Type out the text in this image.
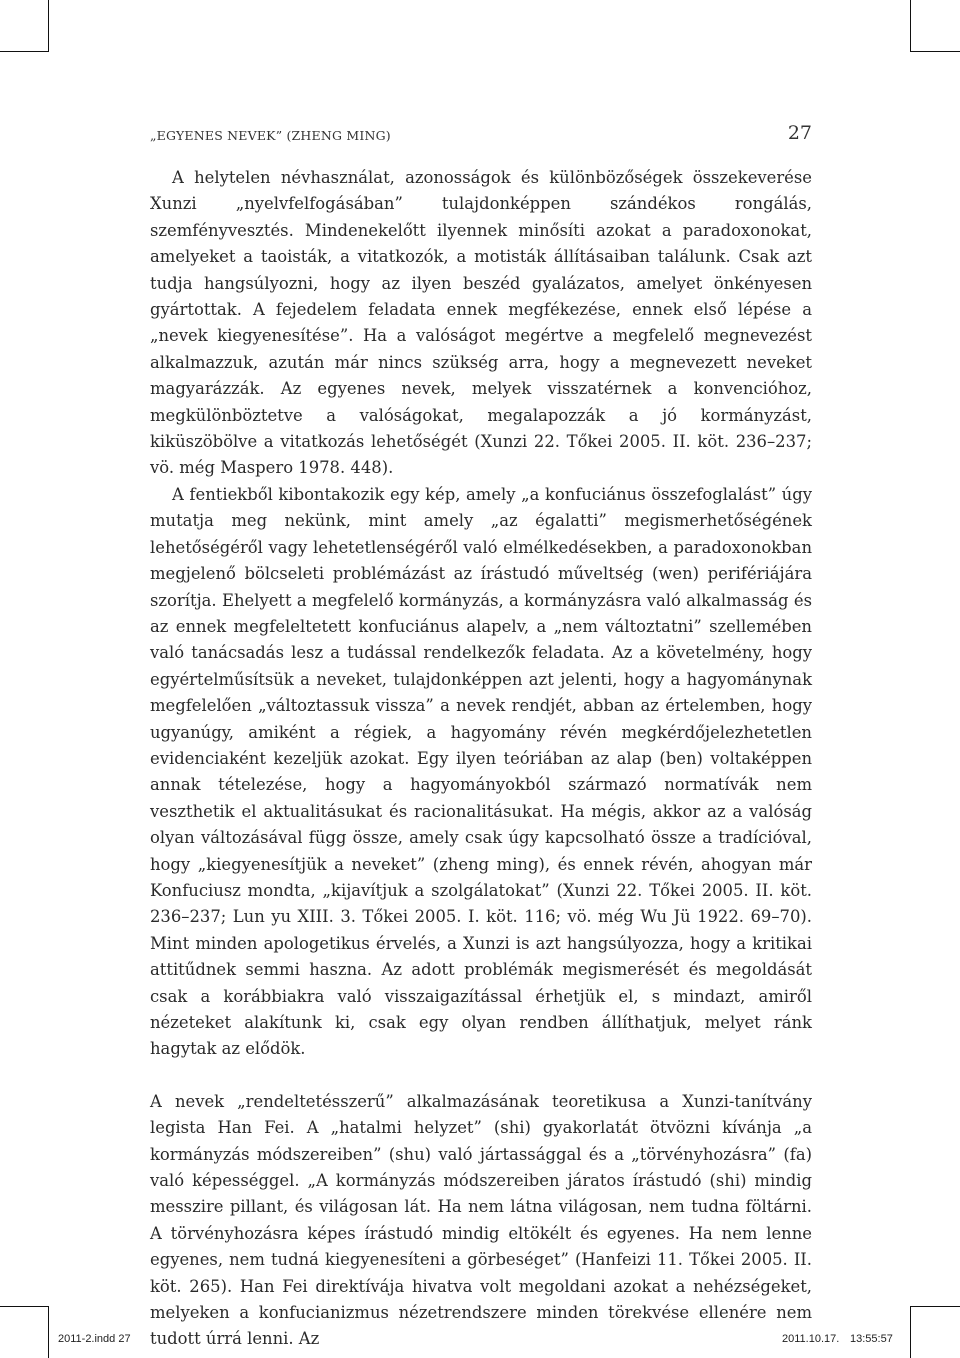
„EGYENES NEVEK” (ZHENG MING)	27

A helytelen névhasználat, azonosságok és különbözőségek összekeverése Xunzi „nyelvfelfogásában” tulajdonképpen szándékos rongálás, szemfényvesztés. Mindenekelőtt ilyennek minősíti azokat a paradoxonokat, amelyeket a taoisták, a vitatkozók, a motisták állításaiban találunk. Csak azt tudja hangsúlyozni, hogy az ilyen beszéd gyalázatos, amelyet önkényesen gyártottak. A fejedelem feladata ennek megfékezése, ennek első lépése a „nevek kiegyenesítése”. Ha a valóságot megértve a megfelelő megnevezést alkalmazzuk, azután már nincs szükség arra, hogy a megnevezett neveket magyarázzák. Az egyenes nevek, melyek visszatérnek a konvencióhoz, megkülönböztetve a valóságokat, megalapozzák a jó kormányzást, kiküszöbölve a vitatkozás lehetőségét (Xunzi 22. Tőkei 2005. II. köt. 236–237; vö. még Maspero 1978. 448).

A fentiekből kibontakozik egy kép, amely „a konfuciánus összefoglalást” úgy mutatja meg nekünk, mint amely „az égalatti” megismerhetőségének lehetőségéről vagy lehetetlenségéről való elmélkedésekben, a paradoxonokban megjelenő bölcseleti problémázást az írástudó műveltség (wen) perifériájára szorítja. Ehelyett a megfelelő kormányzás, a kormányzásra való alkalmasság és az ennek megfeleltetett konfuciánus alapelv, a „nem változtatni” szellemében való tanácsadás lesz a tudással rendelkezők feladata. Az a követelmény, hogy egyértelműsítsük a neveket, tulajdonképpen azt jelenti, hogy a hagyománynak megfelelően „változtassuk vissza” a nevek rendjét, abban az értelemben, hogy ugyanúgy, amiként a régiek, a hagyomány révén megkérdőjelezhetetlen evidenciaként kezeljük azokat. Egy ilyen teóriában az alap (ben) voltaképpen annak tételezése, hogy a hagyományokból származó normatívák nem veszthetik el aktualitásukat és racionalitásukat. Ha mégis, akkor az a valóság olyan változásával függ össze, amely csak úgy kapcsolható össze a tradícióval, hogy „kiegyenesítjük a neveket” (zheng ming), és ennek révén, ahogyan már Konfuciusz mondta, „kijavítjuk a szolgálatokat” (Xunzi 22. Tőkei 2005. II. köt. 236–237; Lun yu XIII. 3. Tőkei 2005. I. köt. 116; vö. még Wu Jü 1922. 69–70). Mint minden apologetikus érvelés, a Xunzi is azt hangsúlyozza, hogy a kritikai attitűdnek semmi haszna. Az adott problémák megismerését és megoldását csak a korábbiakra való visszaigazítással érhetjük el, s mindazt, amiről nézeteket alakítunk ki, csak egy olyan rendben állíthatjuk, melyet ránk hagytak az elődök.

A nevek „rendeltetésszerű” alkalmazásának teoretikusa a Xunzi-tanítvány legista Han Fei. A „hatalmi helyzet” (shi) gyakorlatát ötvözni kívánja „a kormányzás módszereiben” (shu) való jártassággal és a „törvényhozásra” (fa) való képességgel. „A kormányzás módszereiben járatos írástudó (shi) mindig messzire pillant, és világosan lát. Ha nem látna világosan, nem tudna föltárni. A törvényhozásra képes írástudó mindig eltökélt és egyenes. Ha nem lenne egyenes, nem tudná kiegyenesíteni a görbeséget” (Hanfeizi 11. Tőkei 2005. II. köt. 265). Han Fei direktívája hivatva volt megoldani azokat a nehézségeket, melyeken a konfucianizmus nézetrendszere minden törekvése ellenére nem tudott úrrá lenni. Az

2011-2.indd 27	2011.10.17. 13:55:57
